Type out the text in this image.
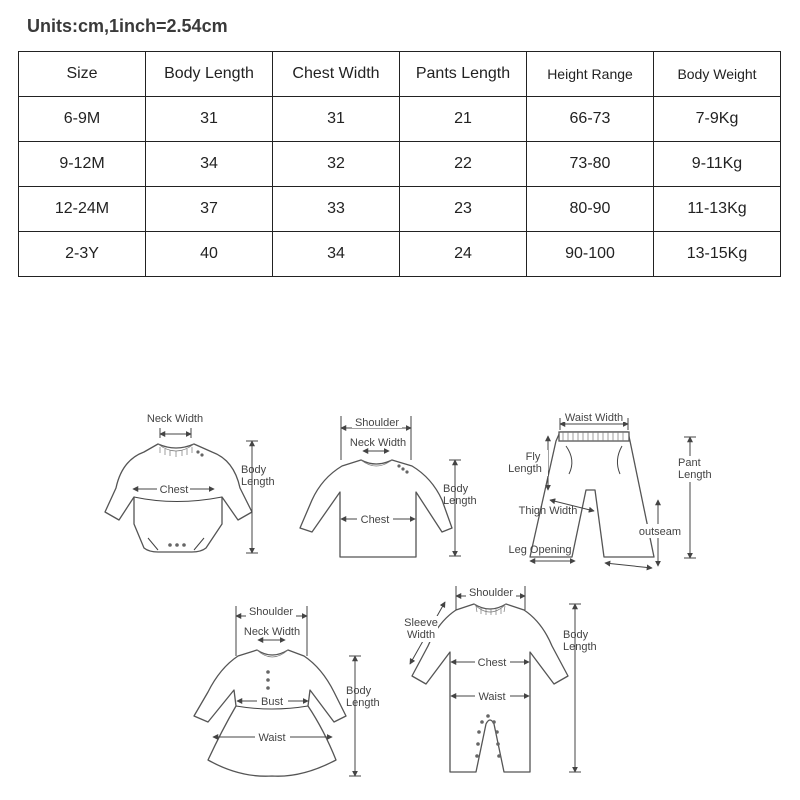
Units:cm,1inch=2.54cm
Size	Body Length	Chest Width	Pants Length	Height Range	Body Weight
6-9M	31	31	21	66-73	7-9Kg
9-12M	34	32	22	73-80	9-11Kg
12-24M	37	33	23	80-90	11-13Kg
2-3Y	40	34	24	90-100	13-15Kg
Neck Width
Chest
Body
Length
Shoulder
Neck Width
Chest
Body
Length
Waist Width
Fly
Length
Thigh Width
Leg Opening
outseam
Pant
Length
Shoulder
Neck Width
Bust
Waist
Body
Length
Shoulder
Sleeve
Width
Chest
Waist
Body
Length
